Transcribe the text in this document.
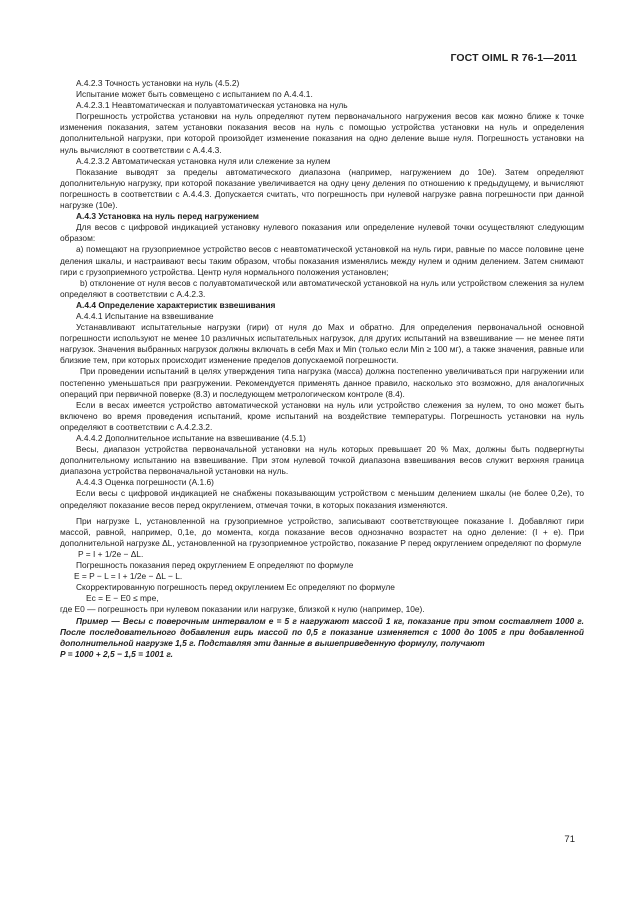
ГОСТ OIML R 76-1—2011

А.4.2.3 Точность установки на нуль (4.5.2)

Испытание может быть совмещено с испытанием по А.4.4.1.

А.4.2.3.1 Неавтоматическая и полуавтоматическая установка на нуль

Погрешность устройства установки на нуль определяют путем первоначального нагружения весов как можно ближе к точке изменения показания, затем установки показания весов на нуль с помощью устройства установки на нуль и определения дополнительной нагрузки, при которой произойдет изменение показания на одно деление выше нуля. Погрешность установки на нуль вычисляют в соответствии с А.4.4.3.

А.4.2.3.2 Автоматическая установка нуля или слежение за нулем

Показание выводят за пределы автоматического диапазона (например, нагружением до 10е). Затем определяют дополнительную нагрузку, при которой показание увеличивается на одну цену деления по отношению к предыдущему, и вычисляют погрешность в соответствии с А.4.4.3. Допускается считать, что погрешность при нулевой нагрузке равна погрешности при данной нагрузке (10е).

А.4.3 Установка на нуль перед нагружением

Для весов с цифровой индикацией установку нулевого показания или определение нулевой точки осуществляют следующим образом:

а) помещают на грузоприемное устройство весов с неавтоматической установкой на нуль гири, равные по массе половине цене деления шкалы, и настраивают весы таким образом, чтобы показания изменялись между нулем и одним делением. Затем снимают гири с грузоприемного устройства. Центр нуля нормального положения установлен;

b) отклонение от нуля весов с полуавтоматической или автоматической установкой на нуль или устройством слежения за нулем определяют в соответствии с А.4.2.3.

А.4.4 Определение характеристик взвешивания

А.4.4.1 Испытание на взвешивание

Устанавливают испытательные нагрузки (гири) от нуля до Max и обратно. Для определения первоначальной основной погрешности используют не менее 10 различных испытательных нагрузок, для других испытаний на взвешивание — не менее пяти нагрузок. Значения выбранных нагрузок должны включать в себя Max и Min (только если Min ≥ 100 мг), а также значения, равные или близкие тем, при которых происходит изменение пределов допускаемой погрешности.

При проведении испытаний в целях утверждения типа нагрузка (масса) должна постепенно увеличиваться при нагружении или постепенно уменьшаться при разгружении. Рекомендуется применять данное правило, насколько это возможно, для аналогичных операций при первичной поверке (8.3) и последующем метрологическом контроле (8.4).

Если в весах имеется устройство автоматической установки на нуль или устройство слежения за нулем, то оно может быть включено во время проведения испытаний, кроме испытаний на воздействие температуры. Погрешность установки на нуль определяют в соответствии с А.4.2.3.2.

А.4.4.2 Дополнительное испытание на взвешивание (4.5.1)

Весы, диапазон устройства первоначальной установки на нуль которых превышает 20 % Max, должны быть подвергнуты дополнительному испытанию на взвешивание. При этом нулевой точкой диапазона взвешивания весов служит верхняя граница диапазона устройства первоначальной установки на нуль.

А.4.4.3 Оценка погрешности (А.1.6)

Если весы с цифровой индикацией не снабжены показывающим устройством с меньшим делением шкалы (не более 0,2е), то определяют показание весов перед округлением, отмечая точки, в которых показания изменяются.

При нагрузке L, установленной на грузоприемное устройство, записывают соответствующее показание I. Добавляют гири массой, равной, например, 0,1е, до момента, когда показание весов однозначно возрастет на одно деление: (I + е). При дополнительной нагрузке ΔL, установленной на грузоприемное устройство, показание P перед округлением определяют по формуле

P = I + 1/2e − ΔL.

Погрешность показания перед округлением E определяют по формуле

E = P − L = I + 1/2e − ΔL − L.

Скорректированную погрешность перед округлением Ec определяют по формуле

Ec = E − E0 ≤ mpe,

где E0 — погрешность при нулевом показании или нагрузке, близкой к нулю (например, 10е).

Пример — Весы с поверочным интервалом е = 5 г нагружают массой 1 кг, показание при этом составляет 1000 г. После последовательного добавления гирь массой по 0,5 г показание изменяется с 1000 до 1005 г при добавленной дополнительной нагрузке 1,5 г. Подставляя эти данные в вышеприведенную формулу, получают

P = 1000 + 2,5 − 1,5 = 1001 г.

71
